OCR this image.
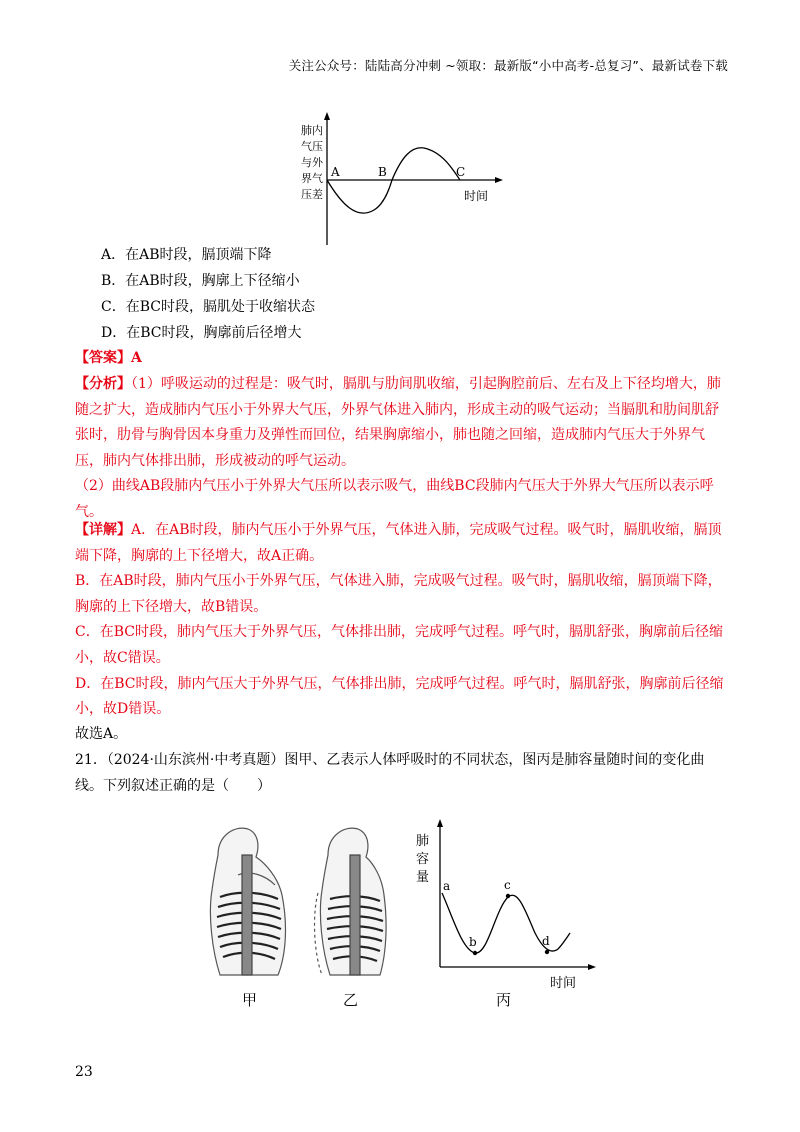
关注公众号：陆陆高分冲刺 ~领取：最新版“小中高考-总复习”、最新试卷下载
肺内
气压
与外
界气
压差
A	B	C
时间
A．在AB时段，膈顶端下降
B．在AB时段，胸廓上下径缩小
C．在BC时段，膈肌处于收缩状态
D．在BC时段，胸廓前后径增大
【答案】A

【分析】（1）呼吸运动的过程是：吸气时，膈肌与肋间肌收缩，引起胸腔前后、左右及上下径均增大，肺随之扩大，造成肺内气压小于外界大气压，外界气体进入肺内，形成主动的吸气运动；当膈肌和肋间肌舒张时，肋骨与胸骨因本身重力及弹性而回位，结果胸廓缩小，肺也随之回缩，造成肺内气压大于外界气压，肺内气体排出肺，形成被动的呼气运动。

（2）曲线AB段肺内气压小于外界大气压所以表示吸气，曲线BC段肺内气压大于外界大气压所以表示呼气。

【详解】A．在AB时段，肺内气压小于外界气压，气体进入肺，完成吸气过程。吸气时，膈肌收缩，膈顶端下降，胸廓的上下径增大，故A正确。

B．在AB时段，肺内气压小于外界气压，气体进入肺，完成吸气过程。吸气时，膈肌收缩，膈顶端下降，胸廓的上下径增大，故B错误。

C．在BC时段，肺内气压大于外界气压，气体排出肺，完成呼气过程。呼气时，膈肌舒张，胸廓前后径缩小，故C错误。

D．在BC时段，肺内气压大于外界气压，气体排出肺，完成呼气过程。呼气时，膈肌舒张，胸廓前后径缩小，故D错误。

故选A。
21．（2024·山东滨州·中考真题）图甲、乙表示人体呼吸时的不同状态，图丙是肺容量随时间的变化曲线。下列叙述正确的是（　　）
a
b
c
d
肺
容
量
时间
甲	乙	丙
23
